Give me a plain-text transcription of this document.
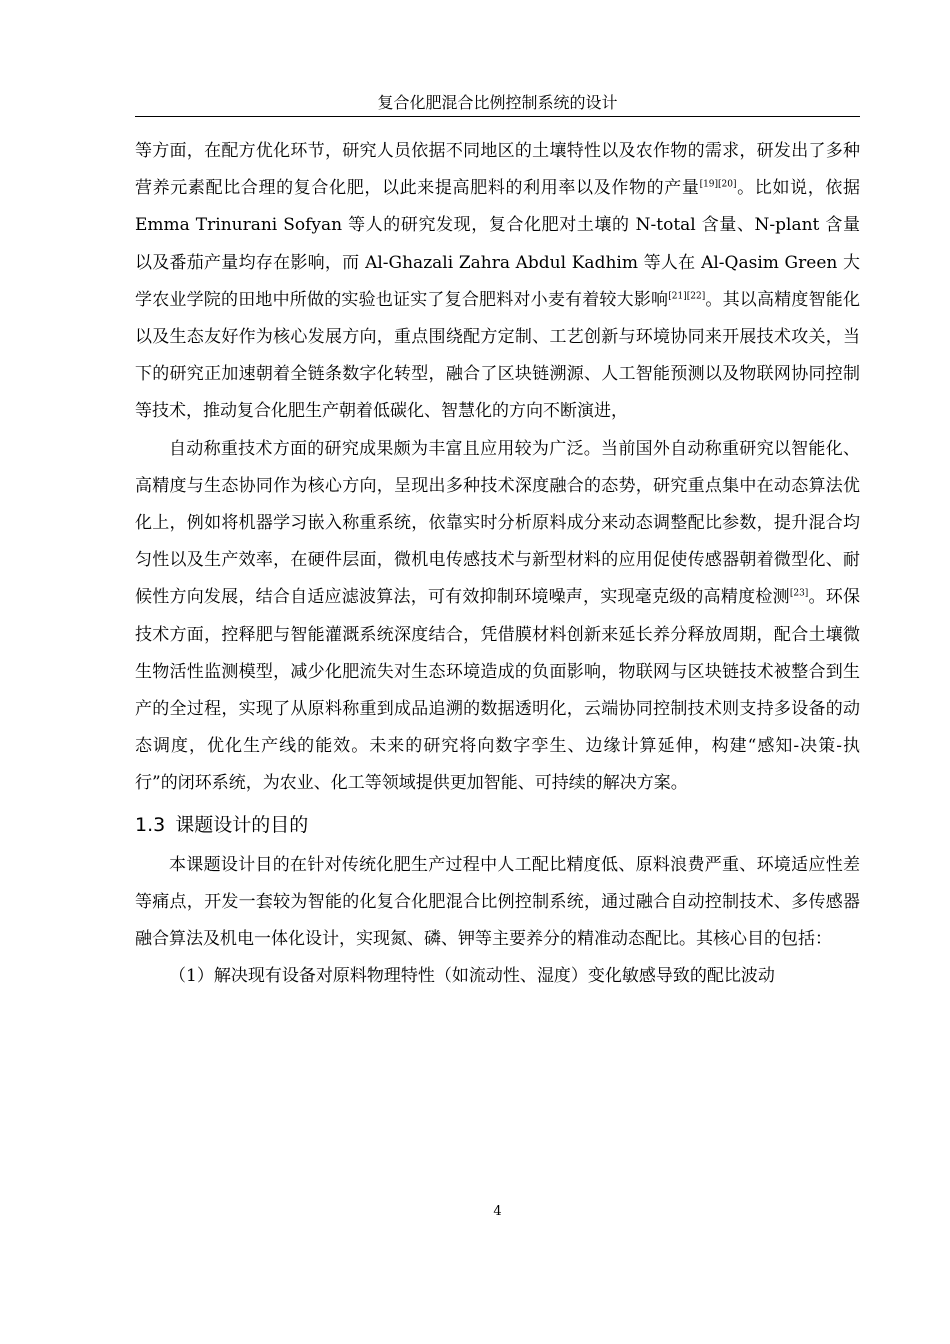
复合化肥混合比例控制系统的设计

等方面，在配方优化环节，研究人员依据不同地区的土壤特性以及农作物的需求，研发出了多种营养元素配比合理的复合化肥，以此来提高肥料的利用率以及作物的产量[19][20]。比如说，依据 Emma Trinurani Sofyan 等人的研究发现，复合化肥对土壤的 N-total 含量、N-plant 含量以及番茄产量均存在影响，而 Al-Ghazali Zahra Abdul Kadhim 等人在 Al-Qasim Green 大学农业学院的田地中所做的实验也证实了复合肥料对小麦有着较大影响[21][22]。其以高精度智能化以及生态友好作为核心发展方向，重点围绕配方定制、工艺创新与环境协同来开展技术攻关，当下的研究正加速朝着全链条数字化转型，融合了区块链溯源、人工智能预测以及物联网协同控制等技术，推动复合化肥生产朝着低碳化、智慧化的方向不断演进，

自动称重技术方面的研究成果颇为丰富且应用较为广泛。当前国外自动称重研究以智能化、高精度与生态协同作为核心方向，呈现出多种技术深度融合的态势，研究重点集中在动态算法优化上，例如将机器学习嵌入称重系统，依靠实时分析原料成分来动态调整配比参数，提升混合均匀性以及生产效率，在硬件层面，微机电传感技术与新型材料的应用促使传感器朝着微型化、耐候性方向发展，结合自适应滤波算法，可有效抑制环境噪声，实现毫克级的高精度检测[23]。环保技术方面，控释肥与智能灌溉系统深度结合，凭借膜材料创新来延长养分释放周期，配合土壤微生物活性监测模型，减少化肥流失对生态环境造成的负面影响，物联网与区块链技术被整合到生产的全过程，实现了从原料称重到成品追溯的数据透明化，云端协同控制技术则支持多设备的动态调度，优化生产线的能效。未来的研究将向数字孪生、边缘计算延伸，构建“感知-决策-执行”的闭环系统，为农业、化工等领域提供更加智能、可持续的解决方案。

1.3 课题设计的目的

本课题设计目的在针对传统化肥生产过程中人工配比精度低、原料浪费严重、环境适应性差等痛点，开发一套较为智能的化复合化肥混合比例控制系统，通过融合自动控制技术、多传感器融合算法及机电一体化设计，实现氮、磷、钾等主要养分的精准动态配比。其核心目的包括：

（1）解决现有设备对原料物理特性（如流动性、湿度）变化敏感导致的配比波动

4
